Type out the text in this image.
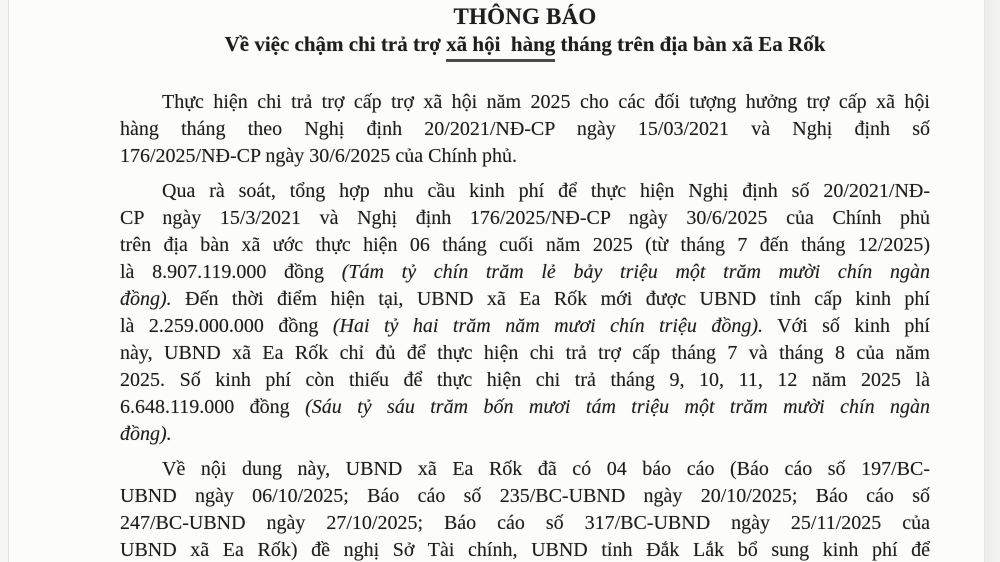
THÔNG BÁO
Về việc chậm chi trả trợ xã hội  hàng tháng trên địa bàn xã Ea Rốk
Thực hiện chi trả trợ cấp trợ xã hội năm 2025 cho các đối tượng hưởng trợ cấp xã hội
hàng tháng theo Nghị định 20/2021/NĐ-CP ngày 15/03/2021 và Nghị định số
176/2025/NĐ-CP ngày 30/6/2025 của Chính phủ.
Qua rà soát, tổng hợp nhu cầu kinh phí để thực hiện Nghị định số 20/2021/NĐ-
CP ngày 15/3/2021 và Nghị định 176/2025/NĐ-CP ngày 30/6/2025 của Chính phủ
trên địa bàn xã ước thực hiện 06 tháng cuối năm 2025 (từ tháng 7 đến tháng 12/2025)
là 8.907.119.000 đồng (Tám tỷ chín trăm lẻ bảy triệu một trăm mười chín ngàn
đồng). Đến thời điểm hiện tại, UBND xã Ea Rốk mới được UBND tỉnh cấp kinh phí
là 2.259.000.000 đồng (Hai tỷ hai trăm năm mươi chín triệu đồng). Với số kinh phí
này, UBND xã Ea Rốk chỉ đủ để thực hiện chi trả trợ cấp tháng 7 và tháng 8 của năm
2025. Số kinh phí còn thiếu để thực hiện chi trả tháng 9, 10, 11, 12 năm 2025 là
6.648.119.000 đồng (Sáu tỷ sáu trăm bốn mươi tám triệu một trăm mười chín ngàn
đồng).
Về nội dung này, UBND xã Ea Rốk đã có 04 báo cáo (Báo cáo số 197/BC-
UBND ngày 06/10/2025; Báo cáo số 235/BC-UBND ngày 20/10/2025; Báo cáo số
247/BC-UBND ngày 27/10/2025; Báo cáo số 317/BC-UBND ngày 25/11/2025 của
UBND xã Ea Rốk) đề nghị Sở Tài chính, UBND tỉnh Đắk Lắk bổ sung kinh phí để
